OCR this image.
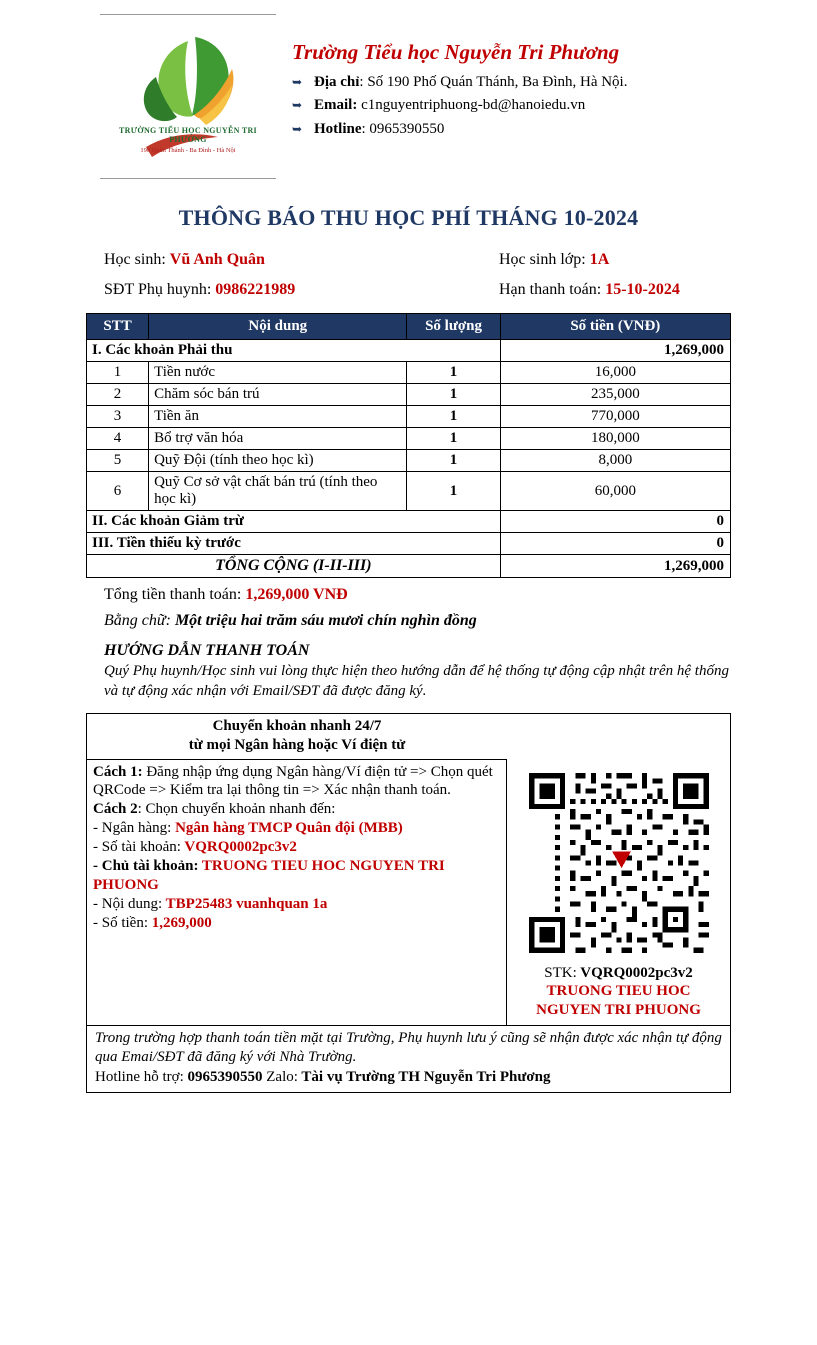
TRƯỜNG TIỂU HỌC NGUYỄN TRI PHƯƠNG
190 Quán Thánh - Ba Đình - Hà Nội
Trường Tiểu học Nguyễn Tri Phương
➥ Địa chỉ: Số 190 Phố Quán Thánh, Ba Đình, Hà Nội.
➥ Email: c1nguyentriphuong-bd@hanoiedu.vn
➥ Hotline: 0965390550
THÔNG BÁO THU HỌC PHÍ THÁNG 10-2024
Học sinh: Vũ Anh Quân	Học sinh lớp: 1A
SĐT Phụ huynh: 0986221989	Hạn thanh toán: 15-10-2024
STT	Nội dung	Số lượng	Số tiền (VNĐ)
I. Các khoản Phải thu			1,269,000
1	Tiền nước	1	16,000
2	Chăm sóc bán trú	1	235,000
3	Tiền ăn	1	770,000
4	Bổ trợ văn hóa	1	180,000
5	Quỹ Đội (tính theo học kì)	1	8,000
6	Quỹ Cơ sở vật chất bán trú (tính theo học kì)	1	60,000
II. Các khoản Giảm trừ			0
III. Tiền thiếu kỳ trước			0
TỔNG CỘNG (I-II-III)			1,269,000
Tổng tiền thanh toán: 1,269,000 VNĐ
Bằng chữ: Một triệu hai trăm sáu mươi chín nghìn đồng
HƯỚNG DẪN THANH TOÁN
Quý Phụ huynh/Học sinh vui lòng thực hiện theo hướng dẫn để hệ thống tự động cập nhật trên hệ thống và tự động xác nhận với Email/SĐT đã được đăng ký.
Chuyển khoản nhanh 24/7
từ mọi Ngân hàng hoặc Ví điện tử
Cách 1: Đăng nhập ứng dụng Ngân hàng/Ví điện tử => Chọn quét QRCode => Kiểm tra lại thông tin => Xác nhận thanh toán.
Cách 2: Chọn chuyển khoản nhanh đến:
- Ngân hàng: Ngân hàng TMCP Quân đội (MBB)
- Số tài khoản: VQRQ0002pc3v2
- Chủ tài khoản: TRUONG TIEU HOC NGUYEN TRI PHUONG
- Nội dung: TBP25483 vuanhquan 1a
- Số tiền: 1,269,000
STK: VQRQ0002pc3v2
TRUONG TIEU HOC
NGUYEN TRI PHUONG
Trong trường hợp thanh toán tiền mặt tại Trường, Phụ huynh lưu ý cũng sẽ nhận được xác nhận tự động qua Emai/SĐT đã đăng ký với Nhà Trường.
Hotline hỗ trợ: 0965390550 Zalo: Tài vụ Trường TH Nguyễn Tri Phương
